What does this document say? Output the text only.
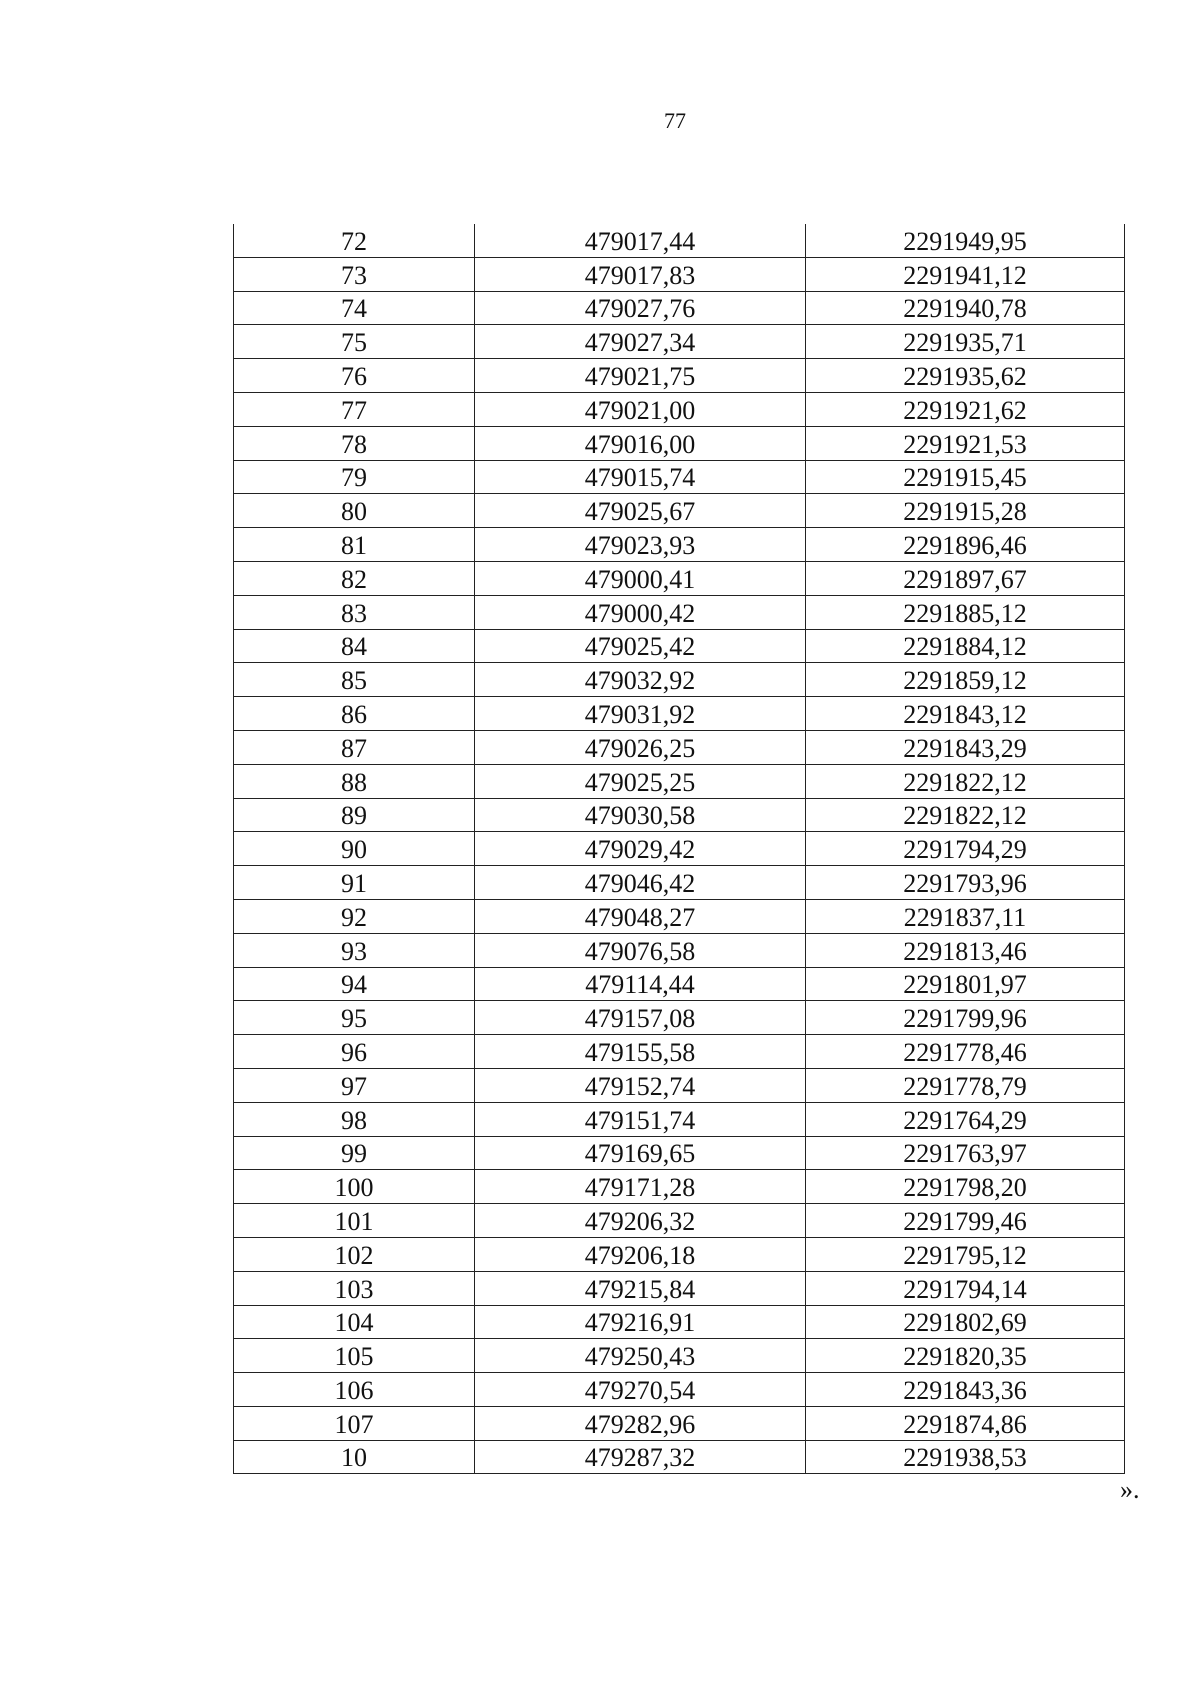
77
72	479017,44	2291949,95
73	479017,83	2291941,12
74	479027,76	2291940,78
75	479027,34	2291935,71
76	479021,75	2291935,62
77	479021,00	2291921,62
78	479016,00	2291921,53
79	479015,74	2291915,45
80	479025,67	2291915,28
81	479023,93	2291896,46
82	479000,41	2291897,67
83	479000,42	2291885,12
84	479025,42	2291884,12
85	479032,92	2291859,12
86	479031,92	2291843,12
87	479026,25	2291843,29
88	479025,25	2291822,12
89	479030,58	2291822,12
90	479029,42	2291794,29
91	479046,42	2291793,96
92	479048,27	2291837,11
93	479076,58	2291813,46
94	479114,44	2291801,97
95	479157,08	2291799,96
96	479155,58	2291778,46
97	479152,74	2291778,79
98	479151,74	2291764,29
99	479169,65	2291763,97
100	479171,28	2291798,20
101	479206,32	2291799,46
102	479206,18	2291795,12
103	479215,84	2291794,14
104	479216,91	2291802,69
105	479250,43	2291820,35
106	479270,54	2291843,36
107	479282,96	2291874,86
10	479287,32	2291938,53
».
